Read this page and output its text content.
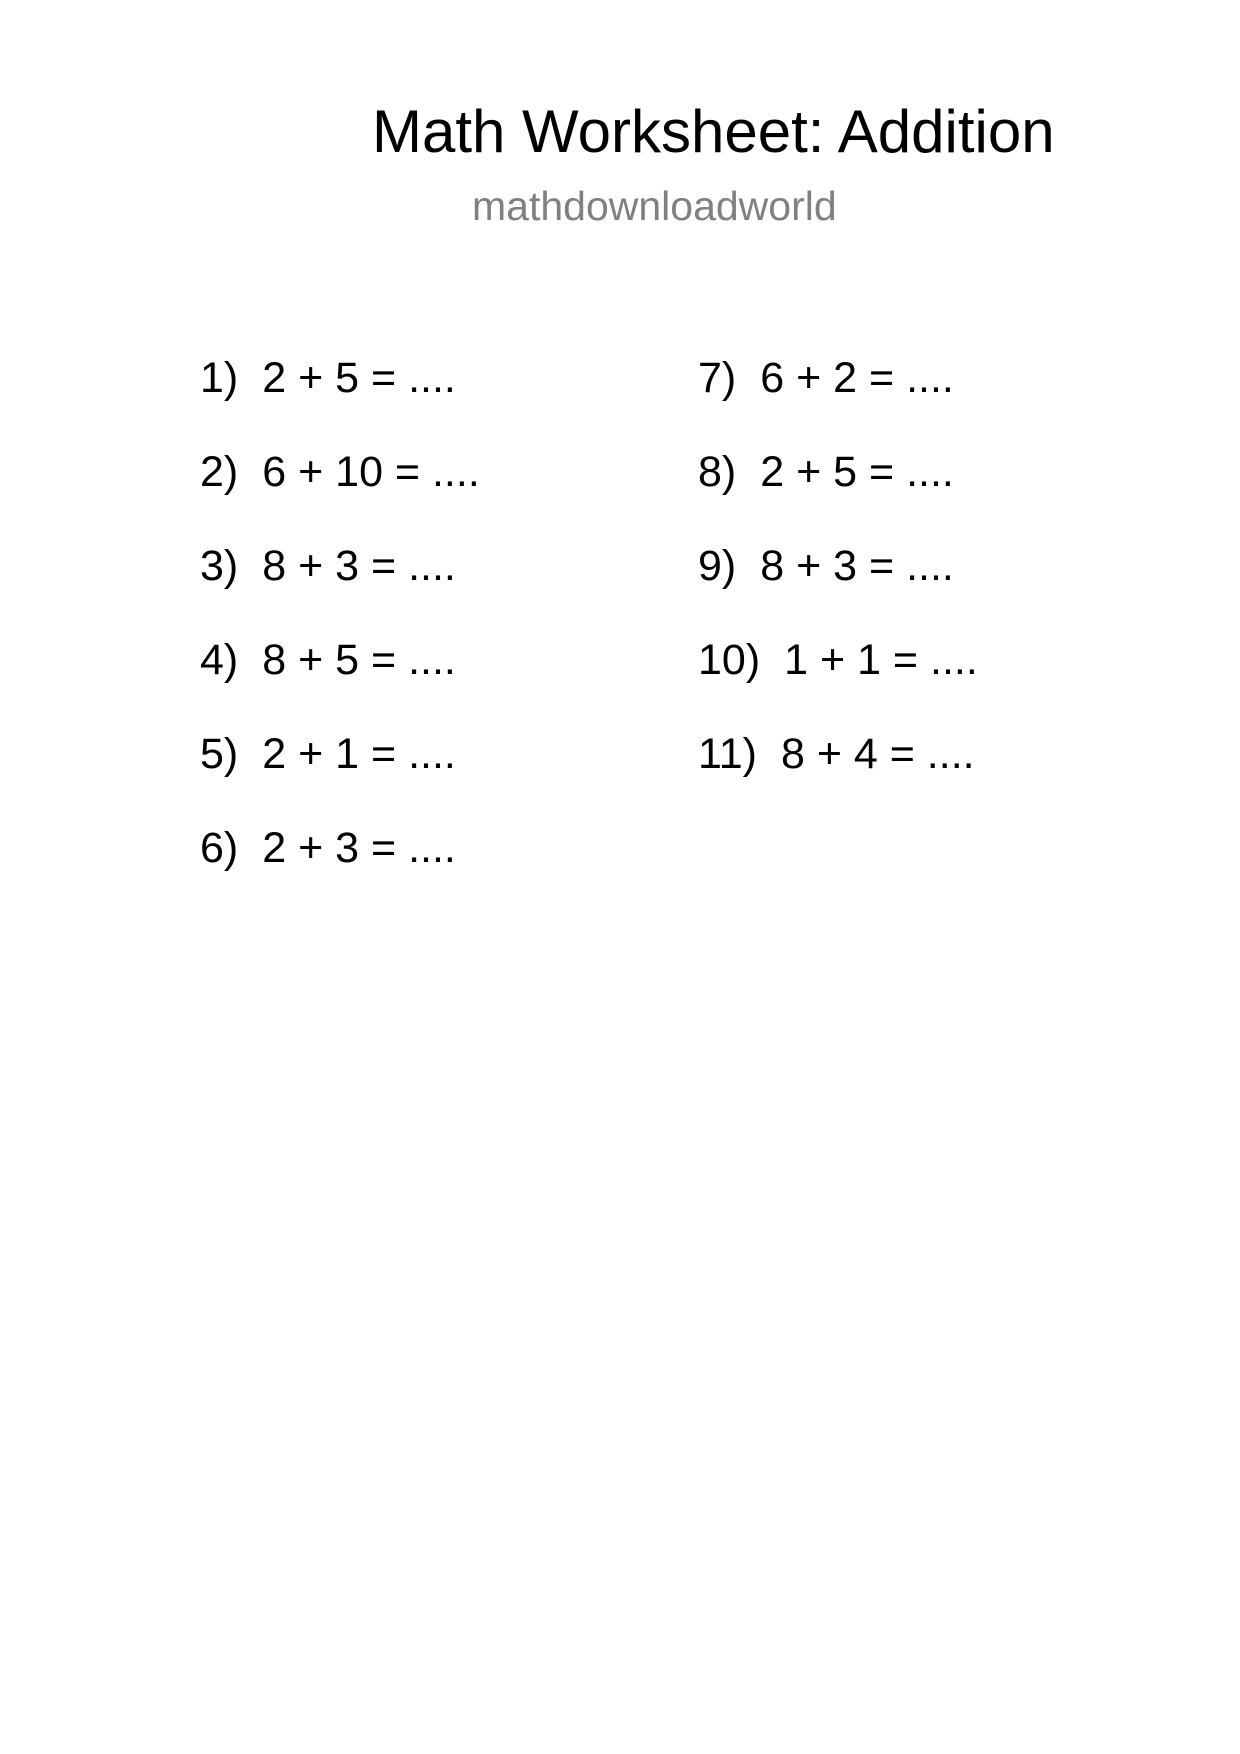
Math Worksheet: Addition
mathdownloadworld
1) 2 + 5 = ....
2) 6 + 10 = ....
3) 8 + 3 = ....
4) 8 + 5 = ....
5) 2 + 1 = ....
6) 2 + 3 = ....
7) 6 + 2 = ....
8) 2 + 5 = ....
9) 8 + 3 = ....
10) 1 + 1 = ....
11) 8 + 4 = ....
